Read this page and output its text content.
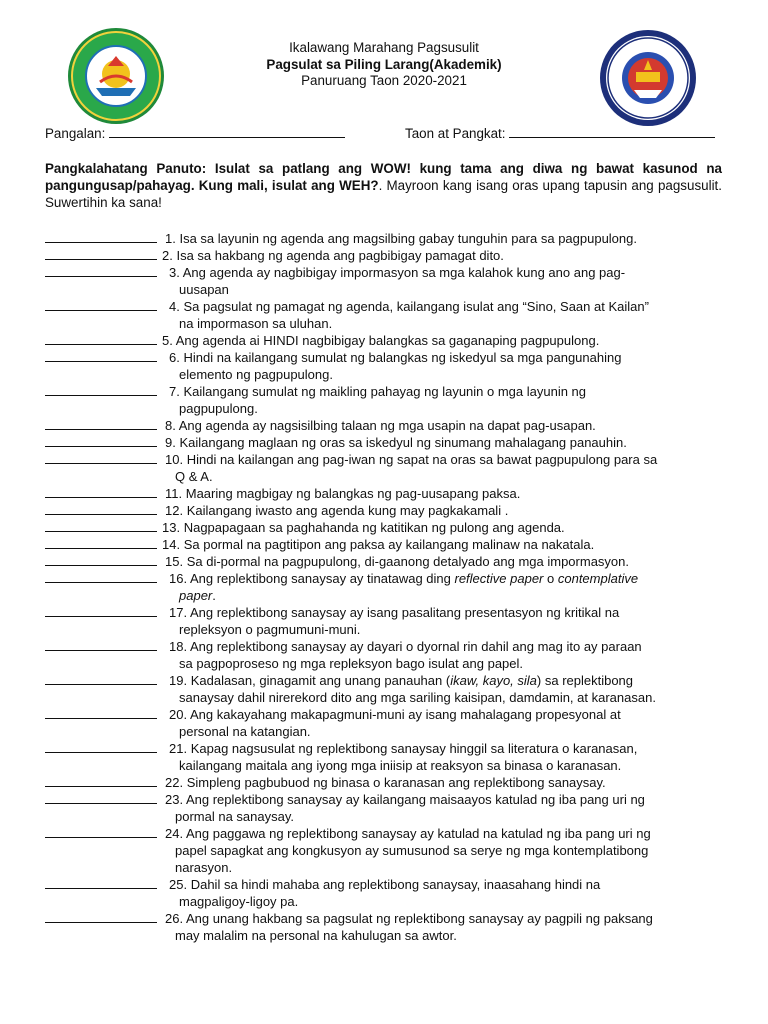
Ikalawang Marahang Pagsusulit
Pagsulat sa Piling Larang(Akademik)
Panuruang Taon 2020-2021
Pangalan:	Taon at Pangkat:
Pangkalahatang Panuto: Isulat sa patlang ang WOW! kung tama ang diwa ng bawat kasunod na pangungusap/pahayag. Kung mali, isulat ang WEH?. Mayroon kang isang oras upang tapusin ang pagsusulit. Suwertihin ka sana!
1. Isa sa layunin ng agenda ang magsilbing gabay tunguhin para sa pagpupulong.
2. Isa sa hakbang ng agenda ang pagbibigay pamagat dito.
3. Ang agenda ay nagbibigay impormasyon sa mga kalahok kung ano ang pag-
uusapan
4. Sa pagsulat ng pamagat ng agenda, kailangang isulat ang “Sino, Saan at Kailan”
na impormason sa uluhan.
5. Ang agenda ai HINDI nagbibigay balangkas sa gaganaping pagpupulong.
6. Hindi na kailangang sumulat ng balangkas ng iskedyul sa mga pangunahing
elemento ng pagpupulong.
7. Kailangang sumulat ng maikling pahayag ng layunin o mga layunin ng
pagpupulong.
8. Ang agenda ay nagsisilbing talaan ng mga usapin na dapat pag-usapan.
9. Kailangang maglaan ng oras sa iskedyul ng sinumang mahalagang panauhin.
10. Hindi na kailangan ang pag-iwan ng sapat na oras sa bawat pagpupulong para sa
Q & A.
11. Maaring magbigay ng balangkas ng pag-uusapang paksa.
12. Kailangang iwasto ang agenda kung may pagkakamali .
13. Nagpapagaan sa paghahanda ng katitikan ng pulong ang agenda.
14. Sa pormal na pagtitipon ang paksa ay kailangang malinaw na nakatala.
15. Sa di-pormal na pagpupulong, di-gaanong detalyado ang mga impormasyon.
16. Ang replektibong sanaysay ay tinatawag ding reflective paper o contemplative
paper.
17. Ang replektibong sanaysay ay isang pasalitang presentasyon ng kritikal na
repleksyon o pagmumuni-muni.
18. Ang replektibong sanaysay ay dayari o dyornal rin dahil ang mag ito ay paraan
sa pagpoproseso ng mga repleksyon bago isulat ang papel.
19. Kadalasan, ginagamit ang unang panauhan (ikaw, kayo, sila) sa replektibong
sanaysay dahil nirerekord dito ang mga sariling kaisipan, damdamin, at karanasan.
20. Ang kakayahang makapagmuni-muni ay isang mahalagang propesyonal at
personal na katangian.
21. Kapag nagsusulat ng replektibong sanaysay hinggil sa literatura o karanasan,
kailangang maitala ang iyong mga iniisip at reaksyon sa binasa o karanasan.
22. Simpleng pagbubuod ng binasa o karanasan ang replektibong sanaysay.
23. Ang replektibong sanaysay ay kailangang maisaayos katulad ng iba pang uri ng
pormal na sanaysay.
24. Ang paggawa ng replektibong sanaysay ay katulad na katulad ng iba pang uri ng
papel sapagkat ang kongkusyon ay sumusunod sa serye ng mga kontemplatibong
narasyon.
25. Dahil sa hindi mahaba ang replektibong sanaysay, inaasahang hindi na
magpaligoy-ligoy pa.
26. Ang unang hakbang sa pagsulat ng replektibong sanaysay ay pagpili ng paksang
may malalim na personal na kahulugan sa awtor.
